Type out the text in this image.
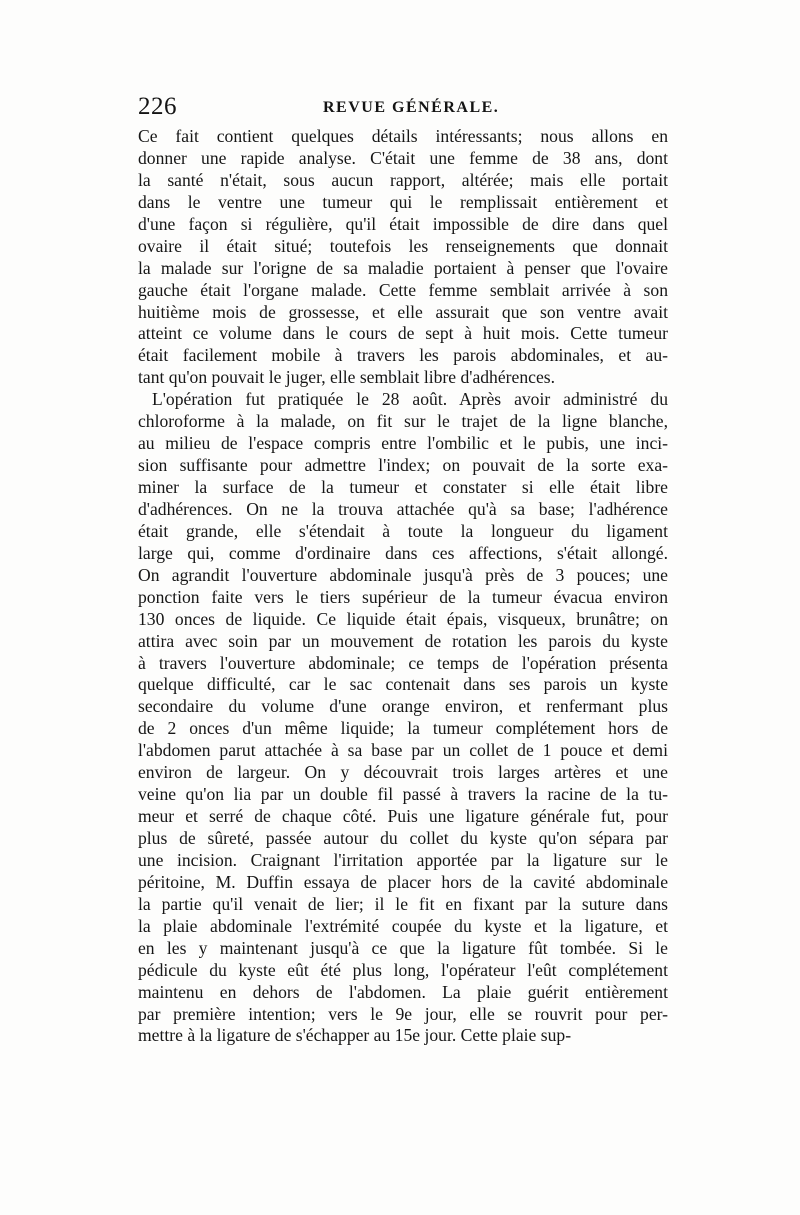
226	REVUE GÉNÉRALE.
Ce fait contient quelques détails intéressants; nous allons en
donner une rapide analyse. C'était une femme de 38 ans, dont
la santé n'était, sous aucun rapport, altérée; mais elle portait
dans le ventre une tumeur qui le remplissait entièrement et
d'une façon si régulière, qu'il était impossible de dire dans quel
ovaire il était situé; toutefois les renseignements que donnait
la malade sur l'origne de sa maladie portaient à penser que l'ovaire
gauche était l'organe malade. Cette femme semblait arrivée à son
huitième mois de grossesse, et elle assurait que son ventre avait
atteint ce volume dans le cours de sept à huit mois. Cette tumeur
était facilement mobile à travers les parois abdominales, et au-
tant qu'on pouvait le juger, elle semblait libre d'adhérences.
L'opération fut pratiquée le 28 août. Après avoir administré du
chloroforme à la malade, on fit sur le trajet de la ligne blanche,
au milieu de l'espace compris entre l'ombilic et le pubis, une inci-
sion suffisante pour admettre l'index; on pouvait de la sorte exa-
miner la surface de la tumeur et constater si elle était libre
d'adhérences. On ne la trouva attachée qu'à sa base; l'adhérence
était grande, elle s'étendait à toute la longueur du ligament
large qui, comme d'ordinaire dans ces affections, s'était allongé.
On agrandit l'ouverture abdominale jusqu'à près de 3 pouces; une
ponction faite vers le tiers supérieur de la tumeur évacua environ
130 onces de liquide. Ce liquide était épais, visqueux, brunâtre; on
attira avec soin par un mouvement de rotation les parois du kyste
à travers l'ouverture abdominale; ce temps de l'opération présenta
quelque difficulté, car le sac contenait dans ses parois un kyste
secondaire du volume d'une orange environ, et renfermant plus
de 2 onces d'un même liquide; la tumeur complétement hors de
l'abdomen parut attachée à sa base par un collet de 1 pouce et demi
environ de largeur. On y découvrait trois larges artères et une
veine qu'on lia par un double fil passé à travers la racine de la tu-
meur et serré de chaque côté. Puis une ligature générale fut, pour
plus de sûreté, passée autour du collet du kyste qu'on sépara par
une incision. Craignant l'irritation apportée par la ligature sur le
péritoine, M. Duffin essaya de placer hors de la cavité abdominale
la partie qu'il venait de lier; il le fit en fixant par la suture dans
la plaie abdominale l'extrémité coupée du kyste et la ligature, et
en les y maintenant jusqu'à ce que la ligature fût tombée. Si le
pédicule du kyste eût été plus long, l'opérateur l'eût complétement
maintenu en dehors de l'abdomen. La plaie guérit entièrement
par première intention; vers le 9e jour, elle se rouvrit pour per-
mettre à la ligature de s'échapper au 15e jour. Cette plaie sup-
